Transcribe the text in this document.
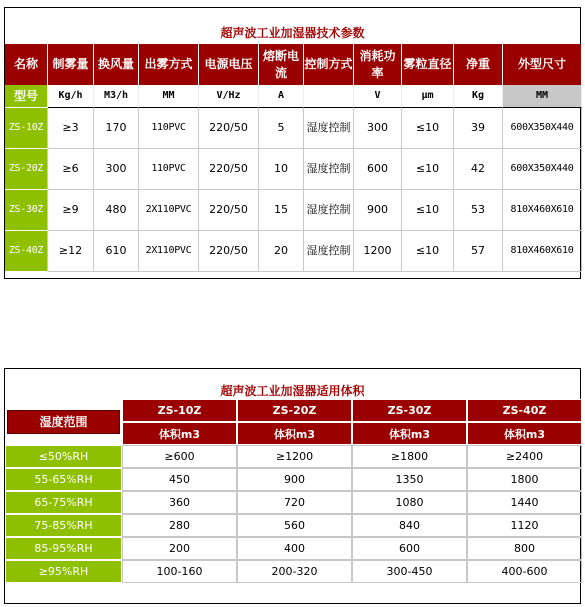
超声波工业加湿器技术参数
名称	制雾量	换风量	出雾方式	电源电压	熔断电流	控制方式	消耗功率	雾粒直径	净重	外型尺寸
型号	Kg/h	M3/h	MM	V/Hz	A		V	μm	Kg	MM
ZS-10Z	≥3	170	110PVC	220/50	5	湿度控制	300	≤10	39	600X350X440
ZS-20Z	≥6	300	110PVC	220/50	10	湿度控制	600	≤10	42	600X350X440
ZS-30Z	≥9	480	2X110PVC	220/50	15	湿度控制	900	≤10	53	810X460X610
ZS-40Z	≥12	610	2X110PVC	220/50	20	湿度控制	1200	≤10	57	810X460X610
超声波工业加湿器适用体积
湿度范围	ZS-10Z	ZS-20Z	ZS-30Z	ZS-40Z
	体积m3	体积m3	体积m3	体积m3
≤50%RH	≥600	≥1200	≥1800	≥2400
55-65%RH	450	900	1350	1800
65-75%RH	360	720	1080	1440
75-85%RH	280	560	840	1120
85-95%RH	200	400	600	800
≥95%RH	100-160	200-320	300-450	400-600
